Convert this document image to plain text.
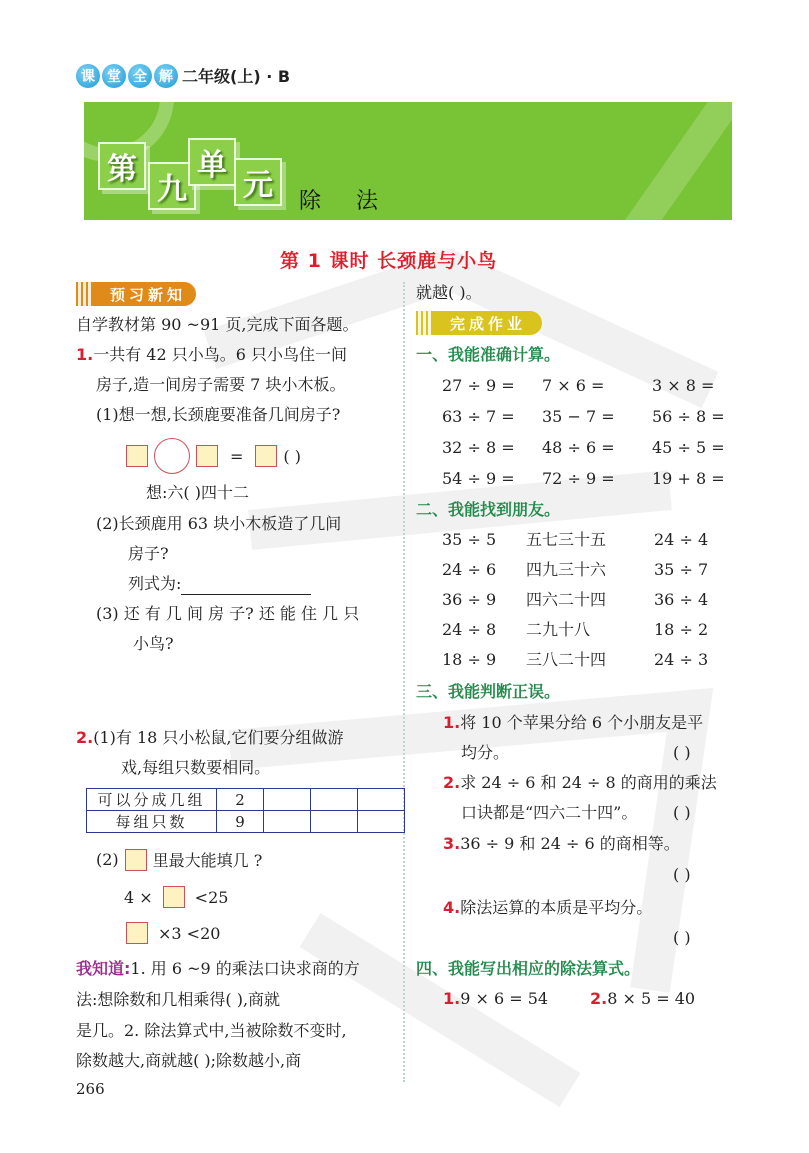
课 堂 全 解 二年级(上) · B
第
九
单
元	除 法
第 1 课时 长颈鹿与小鸟
预习新知
自学教材第 90 ~91 页,完成下面各题。
1.一共有 42 只小鸟。6 只小鸟住一间
房子,造一间房子需要 7 块小木板。
(1)想一想,长颈鹿要准备几间房子?
=	( )
想:六( )四十二
(2)长颈鹿用 63 块小木板造了几间
房子?
列式为:
(3) 还 有 几 间 房 子? 还 能 住 几 只
小鸟?
2.(1)有 18 只小松鼠,它们要分组做游
戏,每组只数要相同。
可以分成几组	2			
每组只数	9			
(2) 里最大能填几 ?
4 ×	<25
×3 <20
我知道:1. 用 6 ~9 的乘法口诀求商的方
法:想除数和几相乘得( ),商就
是几。2. 除法算式中,当被除数不变时,
除数越大,商就越( );除数越小,商
266
就越( )。
完成作业
一、我能准确计算。
27 ÷ 9 =	7 × 6 =	3 × 8 =
63 ÷ 7 =	35 − 7 =	56 ÷ 8 =
32 ÷ 8 =	48 ÷ 6 =	45 ÷ 5 =
54 ÷ 9 =	72 ÷ 9 =	19 + 8 =
二、我能找到朋友。
35 ÷ 5	五七三十五	24 ÷ 4
24 ÷ 6	四九三十六	35 ÷ 7
36 ÷ 9	四六二十四	36 ÷ 4
24 ÷ 8	二九十八	18 ÷ 2
18 ÷ 9	三八二十四	24 ÷ 3
三、我能判断正误。
1.将 10 个苹果分给 6 个小朋友是平
均分。	( )
2.求 24 ÷ 6 和 24 ÷ 8 的商用的乘法
口诀都是“四六二十四”。 ( )
3.36 ÷ 9 和 24 ÷ 6 的商相等。
( )
4.除法运算的本质是平均分。
( )
四、我能写出相应的除法算式。
1.9 × 6 = 54	2.8 × 5 = 40
